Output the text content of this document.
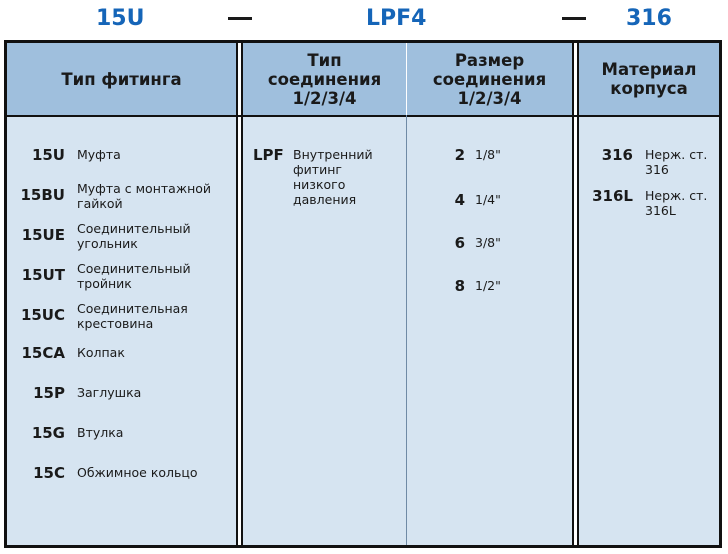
15U	LPF4	316
Тип фитинга
Тип
соединения
1/2/3/4
Размер
соединения
1/2/3/4
Материал
корпуса
15U Муфта
15BU Муфта с монтажной гайкой
15UE Соединительный угольник
15UT Соединительный тройник
15UC Соединительная крестовина
15CA Колпак
15P Заглушка
15G Втулка
15C Обжимное кольцо
LPF Внутренний фитинг низкого давления
2 1/8"
4 1/4"
6 3/8"
8 1/2"
316 Нерж. ст. 316
316L Нерж. ст. 316L
